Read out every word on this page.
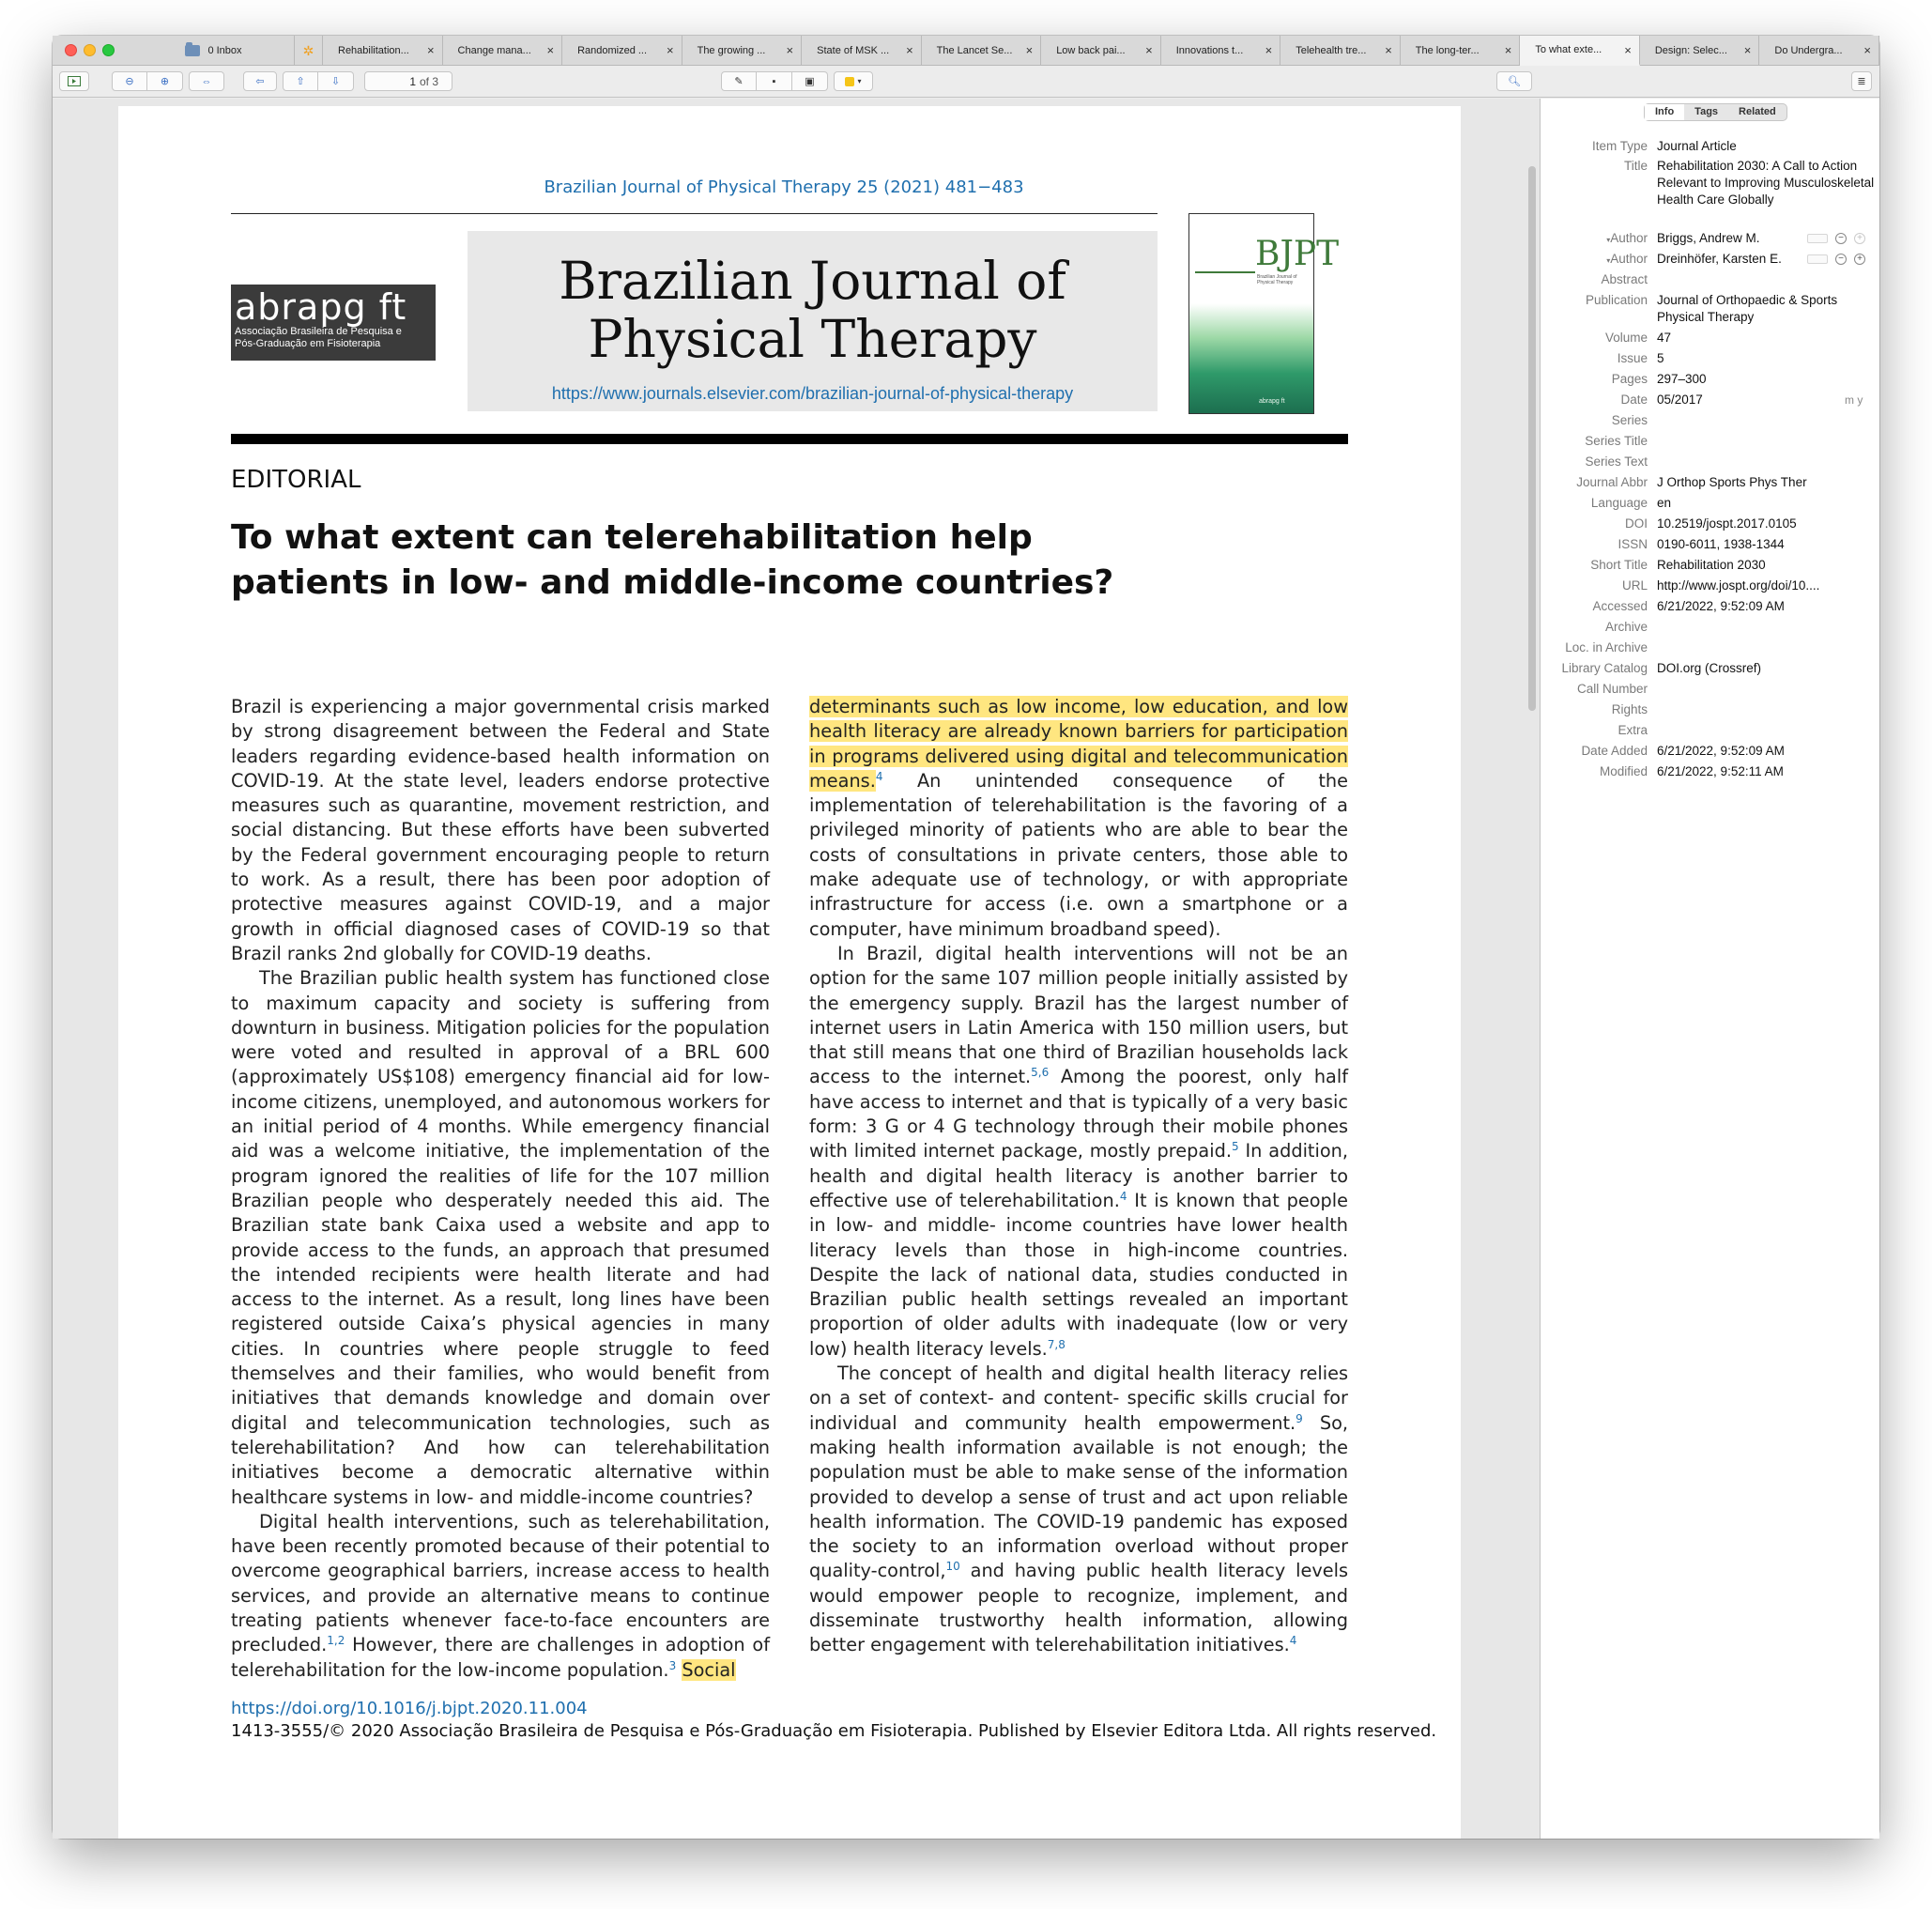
0 Inbox	✲	Rehabilitation...	× Change mana...	× Randomized ...	× The growing ...	× State of MSK ...	× The Lancet Se...	× Low back pai...	× Innovations t...	× Telehealth tre...	× The long-ter...	× To what exte...	× Design: Selec...	× Do Undergra...	×
⊖	⊕	⇔	⇦	⇧	⇩	1 of 3	✎	▪	▣	▾	🔍︎	≣
Brazilian Journal of Physical Therapy 25 (2021) 481−483
abrapg ft
Associação Brasileira de Pesquisa e
Pós-Graduação em Fisioterapia
Brazilian Journal of
Physical Therapy
https://www.journals.elsevier.com/brazilian-journal-of-physical-therapy
BJPT
Brazilian Journal of Physical Therapy
abrapg ft
EDITORIAL
To what extent can telerehabilitation help patients in low- and middle-income countries?

Brazil is experiencing a major governmental crisis marked by strong disagreement between the Federal and State leaders regarding evidence-based health information on COVID-19. At the state level, leaders endorse protective measures such as quarantine, movement restriction, and social distancing. But these efforts have been subverted by the Federal government encouraging people to return to work. As a result, there has been poor adoption of protective measures against COVID-19, and a major growth in official diagnosed cases of COVID-19 so that Brazil ranks 2nd globally for COVID-19 deaths.

The Brazilian public health system has functioned close to maximum capacity and society is suffering from downturn in business. Mitigation policies for the population were voted and resulted in approval of a BRL 600 (approximately US$108) emergency financial aid for low-income citizens, unemployed, and autonomous workers for an initial period of 4 months. While emergency financial aid was a welcome initiative, the implementation of the program ignored the realities of life for the 107 million Brazilian people who desperately needed this aid. The Brazilian state bank Caixa used a website and app to provide access to the funds, an approach that presumed the intended recipients were health literate and had access to the internet. As a result, long lines have been registered outside Caixa’s physical agencies in many cities. In countries where people struggle to feed themselves and their families, who would benefit from initiatives that demands knowledge and domain over digital and telecommunication technologies, such as telerehabilitation? And how can telerehabilitation initiatives become a democratic alternative within healthcare systems in low- and middle-income countries?

Digital health interventions, such as telerehabilitation, have been recently promoted because of their potential to overcome geographical barriers, increase access to health services, and provide an alternative means to continue treating patients whenever face-to-face encounters are precluded.$^{1,2}$ However, there are challenges in adoption of telerehabilitation for the low-income population.$^3$ Social

determinants such as low income, low education, and low health literacy are already known barriers for participation in programs delivered using digital and telecommunication means.$^4$ An unintended consequence of the implementation of telerehabilitation is the favoring of a privileged minority of patients who are able to bear the costs of consultations in private centers, those able to make adequate use of technology, or with appropriate infrastructure for access (i.e. own a smartphone or a computer, have minimum broadband speed).

In Brazil, digital health interventions will not be an option for the same 107 million people initially assisted by the emergency supply. Brazil has the largest number of internet users in Latin America with 150 million users, but that still means that one third of Brazilian households lack access to the internet.$^{5,6}$ Among the poorest, only half have access to internet and that is typically of a very basic form: 3 G or 4 G technology through their mobile phones with limited internet package, mostly prepaid.$^5$ In addition, health and digital health literacy is another barrier to effective use of telerehabilitation.$^4$ It is known that people in low- and middle- income countries have lower health literacy levels than those in high-income countries. Despite the lack of national data, studies conducted in Brazilian public health settings revealed an important proportion of older adults with inadequate (low or very low) health literacy levels.$^{7,8}$

The concept of health and digital health literacy relies on a set of context- and content- specific skills crucial for individual and community health empowerment.$^9$ So, making health information available is not enough; the population must be able to make sense of the information provided to develop a sense of trust and act upon reliable health information. The COVID-19 pandemic has exposed the society to an information overload without proper quality-control,$^{10}$ and having public health literacy levels would empower people to recognize, implement, and disseminate trustworthy health information, allowing better engagement with telerehabilitation initiatives.$^4$

https://doi.org/10.1016/j.bjpt.2020.11.004
1413-3555/© 2020 Associação Brasileira de Pesquisa e Pós-Graduação em Fisioterapia. Published by Elsevier Editora Ltda. All rights reserved.
Info	Tags	Related
Item Type Journal Article
Title Rehabilitation 2030: A Call to Action Relevant to Improving Musculoskeletal Health Care Globally
▾Author Briggs, Andrew M.	−	+
▾Author Dreinhöfer, Karsten E.	−	+
Abstract
Publication Journal of Orthopaedic & Sports Physical Therapy
Volume 47
Issue 5
Pages 297–300
Date 05/2017	m y
Series
Series Title
Series Text
Journal Abbr J Orthop Sports Phys Ther
Language en
DOI 10.2519/jospt.2017.0105
ISSN 0190-6011, 1938-1344
Short Title Rehabilitation 2030
URL http://www.jospt.org/doi/10....
Accessed 6/21/2022, 9:52:09 AM
Archive
Loc. in Archive
Library Catalog DOI.org (Crossref)
Call Number
Rights
Extra
Date Added 6/21/2022, 9:52:09 AM
Modified 6/21/2022, 9:52:11 AM
